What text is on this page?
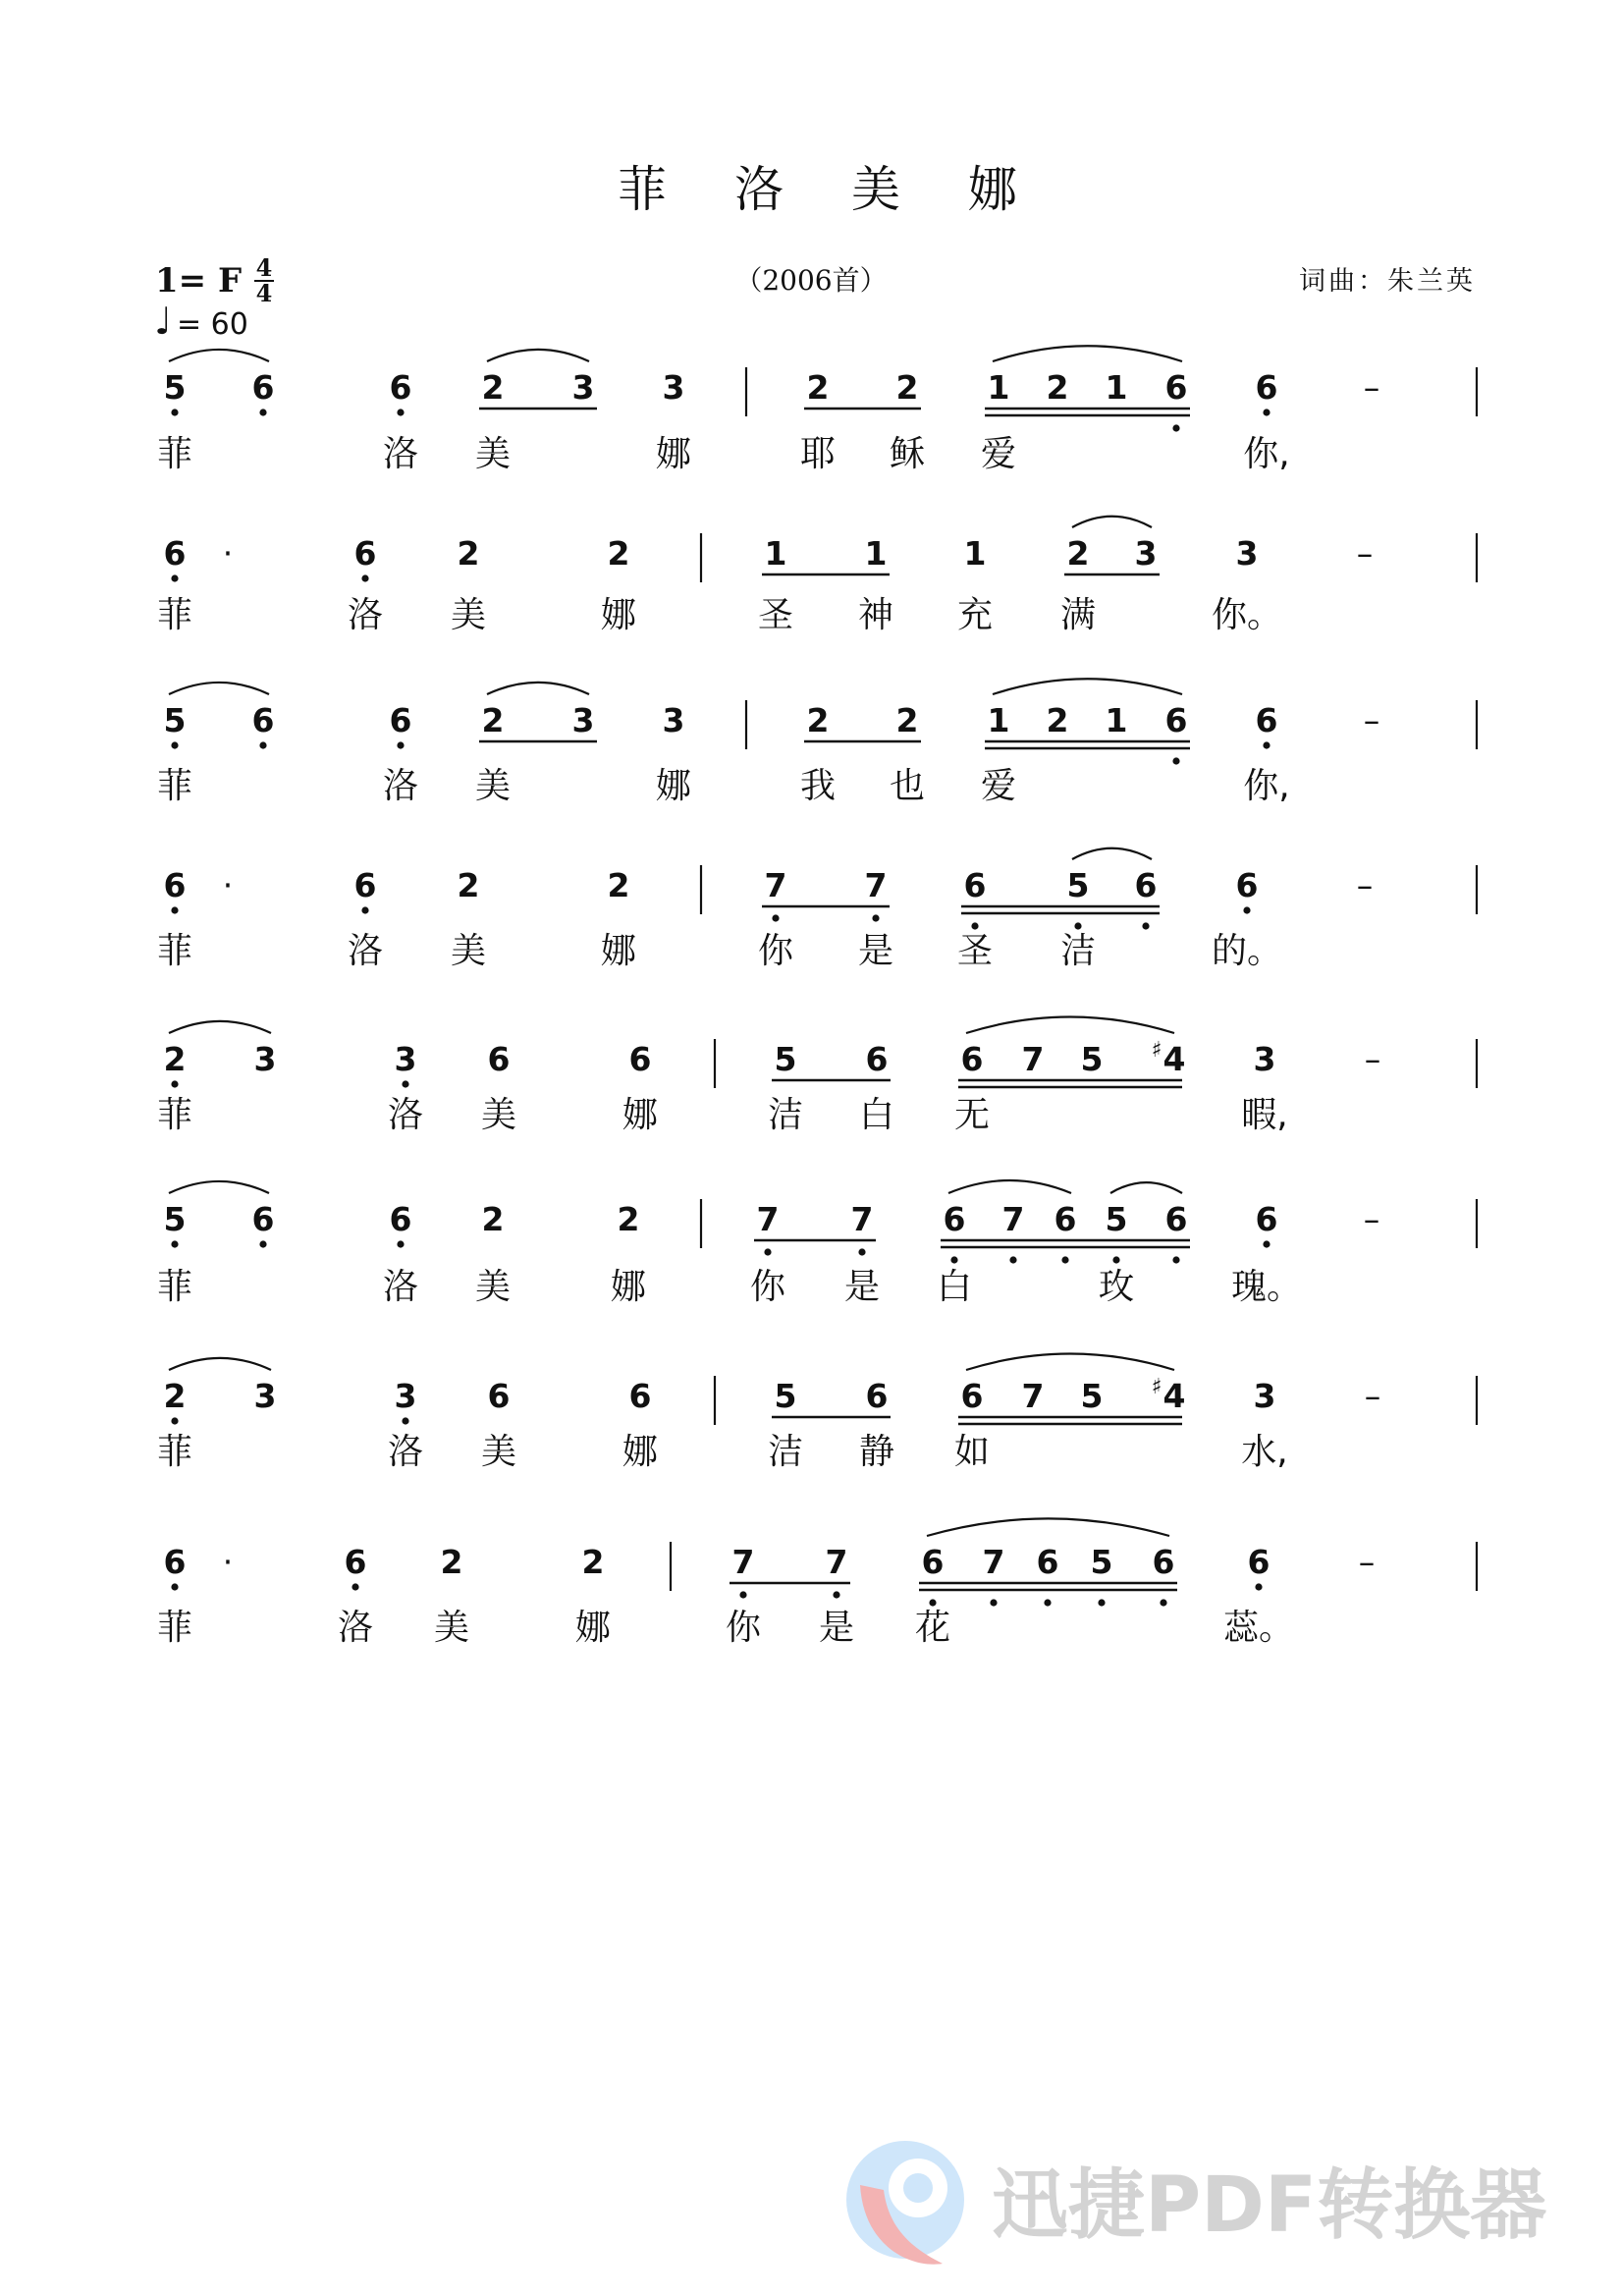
菲 洛 美 娜
1= F 4
4
♩ = 60
（2006首）	词曲：朱兰英
5 6	6 2 3 3	2 2 1 2 1 6 6	–
菲	洛 美	娜	耶 稣 爱	你,
6 ·	6 2	2	1 1 1 2 3 3	–
菲	洛 美	娜	圣 神 充 满	你。
5 6	6 2 3 3	2 2 1 2 1 6 6	–
菲	洛 美	娜	我 也 爱	你,
6 ·	6 2	2	7 7 6 5 6 6	–
菲	洛 美	娜	你 是 圣 洁	的。
2 3	3 6	6	5 6 6 7 5 ♯ 4 3	–
菲	洛 美	娜	洁 白 无	暇,
5 6	6 2	2	7 7 6 7 6 5 6 6	–
菲	洛 美	娜	你 是 白	玫	瑰。
2 3	3 6	6	5 6 6 7 5 ♯ 4 3	–
菲	洛 美	娜	洁 静 如	水,
6 ·	6 2	2	7 7 6 7 6 5 6 6	–
菲	洛 美	娜	你 是 花	蕊。
迅捷PDF转换器
